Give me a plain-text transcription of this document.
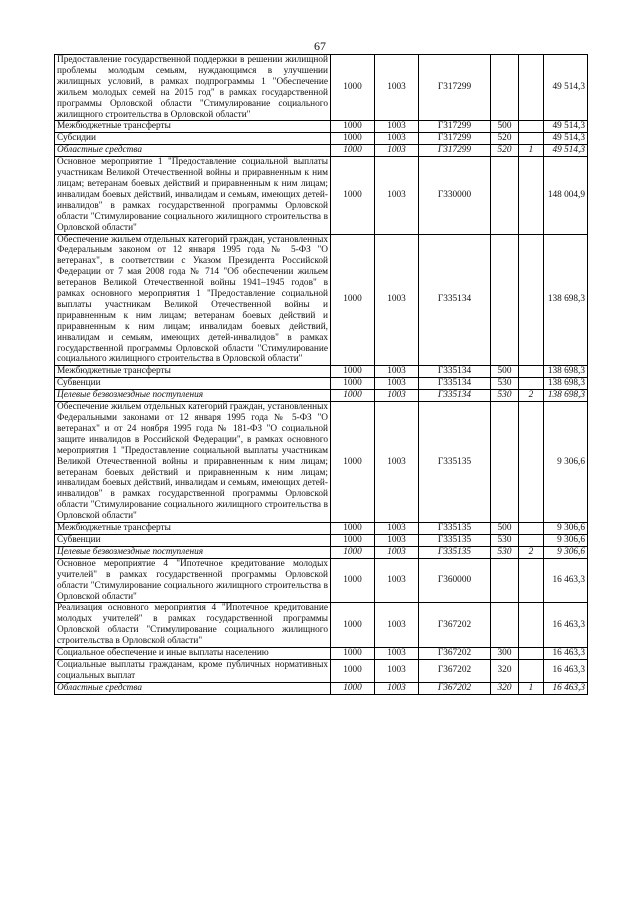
67
Предоставление государственной поддержки в решении жилищной проблемы молодым семьям, нуждающимся в улучшении жилищных условий, в рамках подпрограммы 1 "Обеспечение жильем молодых семей на 2015 год" в рамках государственной программы Орловской области "Стимулирование социального жилищного строительства в Орловской области"	1000	1003	Г317299			49 514,3
Межбюджетные трансферты	1000	1003	Г317299	500		49 514,3
Субсидии	1000	1003	Г317299	520		49 514,3
Областные средства	1000	1003	Г317299	520	1	49 514,3
Основное мероприятие 1 "Предоставление социальной выплаты участникам Великой Отечественной войны и приравненным к ним лицам; ветеранам боевых действий и приравненным к ним лицам; инвалидам боевых действий, инвалидам и семьям, имеющих детей-инвалидов" в рамках государственной программы Орловской области "Стимулирование социального жилищного строительства в Орловской области"	1000	1003	Г330000			148 004,9
Обеспечение жильем отдельных категорий граждан, установленных Федеральным законом от 12 января 1995 года № 5-ФЗ "О ветеранах", в соответствии с Указом Президента Российской Федерации от 7 мая 2008 года № 714 "Об обеспечении жильем ветеранов Великой Отечественной войны 1941–1945 годов" в рамках основного мероприятия 1 "Предоставление социальной выплаты участникам Великой Отечественной войны и приравненным к ним лицам; ветеранам боевых действий и приравненным к ним лицам; инвалидам боевых действий, инвалидам и семьям, имеющих детей-инвалидов" в рамках государственной программы Орловской области "Стимулирование социального жилищного строительства в Орловской области"	1000	1003	Г335134			138 698,3
Межбюджетные трансферты	1000	1003	Г335134	500		138 698,3
Субвенции	1000	1003	Г335134	530		138 698,3
Целевые безвозмездные поступления	1000	1003	Г335134	530	2	138 698,3
Обеспечение жильем отдельных категорий граждан, установленных Федеральными законами от 12 января 1995 года № 5-ФЗ "О ветеранах" и от 24 ноября 1995 года № 181-ФЗ "О социальной защите инвалидов в Российской Федерации", в рамках основного мероприятия 1 "Предоставление социальной выплаты участникам Великой Отечественной войны и приравненным к ним лицам; ветеранам боевых действий и приравненным к ним лицам; инвалидам боевых действий, инвалидам и семьям, имеющих детей-инвалидов" в рамках государственной программы Орловской области "Стимулирование социального жилищного строительства в Орловской области"	1000	1003	Г335135			9 306,6
Межбюджетные трансферты	1000	1003	Г335135	500		9 306,6
Субвенции	1000	1003	Г335135	530		9 306,6
Целевые безвозмездные поступления	1000	1003	Г335135	530	2	9 306,6
Основное мероприятие 4 "Ипотечное кредитование молодых учителей" в рамках государственной программы Орловской области "Стимулирование социального жилищного строительства в Орловской области"	1000	1003	Г360000			16 463,3
Реализация основного мероприятия 4 "Ипотечное кредитование молодых учителей" в рамках государственной программы Орловской области "Стимулирование социального жилищного строительства в Орловской области"	1000	1003	Г367202			16 463,3
Социальное обеспечение и иные выплаты населению	1000	1003	Г367202	300		16 463,3
Социальные выплаты гражданам, кроме публичных нормативных социальных выплат	1000	1003	Г367202	320		16 463,3
Областные средства	1000	1003	Г367202	320	1	16 463,3
